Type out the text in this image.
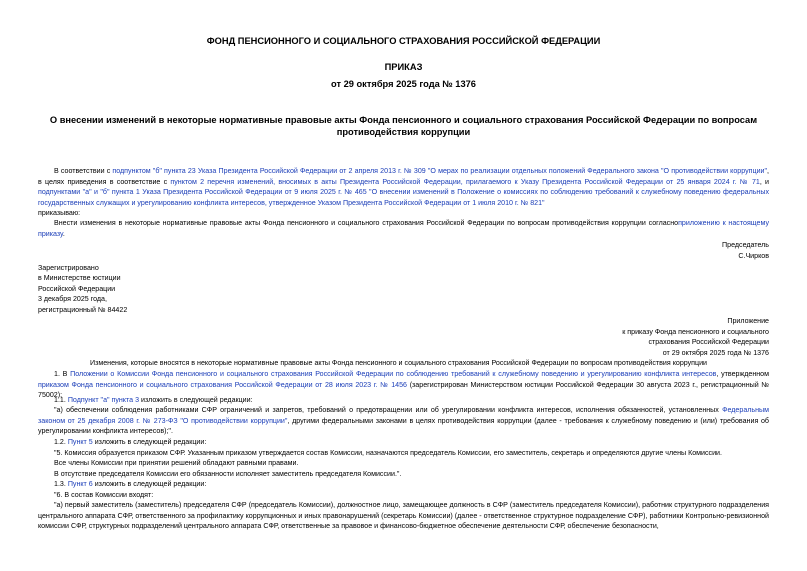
ФОНД ПЕНСИОННОГО И СОЦИАЛЬНОГО СТРАХОВАНИЯ РОССИЙСКОЙ ФЕДЕРАЦИИ
ПРИКАЗ
от 29 октября 2025 года № 1376
О внесении изменений в некоторые нормативные правовые акты Фонда пенсионного и социального страхования Российской Федерации по вопросам противодействия коррупции
В соответствии с подпунктом "б" пункта 23 Указа Президента Российской Федерации от 2 апреля 2013 г. № 309 "О мерах по реализации отдельных положений Федерального закона "О противодействии коррупции", в целях приведения в соответствие с пунктом 2 перечня изменений, вносимых в акты Президента Российской Федерации, прилагаемого к Указу Президента Российской Федерации от 25 января 2024 г. № 71, и подпунктами "а" и "б" пункта 1 Указа Президента Российской Федерации от 9 июля 2025 г. № 465 "О внесении изменений в Положение о комиссиях по соблюдению требований к служебному поведению федеральных государственных служащих и урегулированию конфликта интересов, утвержденное Указом Президента Российской Федерации от 1 июля 2010 г. № 821"
приказываю:
Внести изменения в некоторые нормативные правовые акты Фонда пенсионного и социального страхования Российской Федерации по вопросам противодействия коррупции согласноприложению к настоящему приказу.
Председатель
С.Чирков
Зарегистрировано
в Министерстве юстиции
Российской Федерации
3 декабря 2025 года,
регистрационный № 84422
Приложение
к приказу Фонда пенсионного и социального
страхования Российской Федерации
от 29 октября 2025 года № 1376
Изменения, которые вносятся в некоторые нормативные правовые акты Фонда пенсионного и социального страхования Российской Федерации по вопросам противодействия коррупции
1. В Положении о Комиссии Фонда пенсионного и социального страхования Российской Федерации по соблюдению требований к служебному поведению и урегулированию конфликта интересов, утвержденном приказом Фонда пенсионного и социального страхования Российской Федерации от 28 июля 2023 г. № 1456 (зарегистрирован Министерством юстиции Российской Федерации 30 августа 2023 г., регистрационный № 75002):
1.1. Подпункт "а" пункта 3 изложить в следующей редакции:
"а) обеспечении соблюдения работниками СФР ограничений и запретов, требований о предотвращении или об урегулировании конфликта интересов, исполнения обязанностей, установленных Федеральным законом от 25 декабря 2008 г. № 273-ФЗ "О противодействии коррупции", другими федеральными законами в целях противодействия коррупции (далее - требования к служебному поведению и (или) требования об урегулировании конфликта интересов);".
1.2. Пункт 5 изложить в следующей редакции:
"5. Комиссия образуется приказом СФР. Указанным приказом утверждается состав Комиссии, назначаются председатель Комиссии, его заместитель, секретарь и определяются другие члены Комиссии.
Все члены Комиссии при принятии решений обладают равными правами.
В отсутствие председателя Комиссии его обязанности исполняет заместитель председателя Комиссии.".
1.3. Пункт 6 изложить в следующей редакции:
"6. В состав Комиссии входят:
"а) первый заместитель (заместитель) председателя СФР (председатель Комиссии), должностное лицо, замещающее должность в СФР (заместитель председателя Комиссии), работник структурного подразделения центрального аппарата СФР, ответственного за профилактику коррупционных и иных правонарушений (секретарь Комиссии) (далее - ответственное структурное подразделение СФР), работники Контрольно-ревизионной комиссии СФР, структурных подразделений центрального аппарата СФР, ответственные за правовое и финансово-бюджетное обеспечение деятельности СФР, обеспечение безопасности,
